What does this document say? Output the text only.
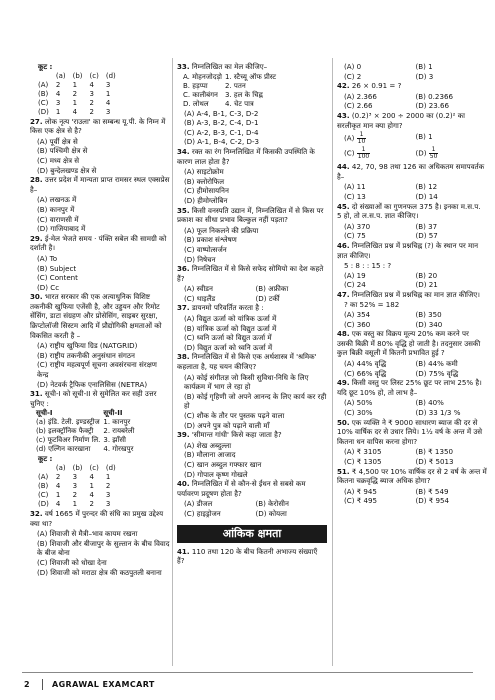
कूट :
	(a)	(b)	(c)	(d)
(A)	2	1	4	3
(B)	4	2	3	1
(C)	3	1	2	4
(D)	1	4	2	3
27. लोक नृत्य 'राउला' का सम्बन्ध यू.पी. के निम्न में किस एक क्षेत्र से है?
(A) पूर्वी क्षेत्र से
(B) पश्चिमी क्षेत्र से
(C) मध्य क्षेत्र से
(D) बुन्देलखण्ड क्षेत्र से
28. उत्तर प्रदेश में मान्यता प्राप्त रामसर स्थल एक्सप्रेस है–
(A) लखनऊ में
(B) कानपुर में
(C) वाराणसी में
(D) गाजियाबाद में
29. ई-मेल भेजते समय · पंक्ति सबेल की सामग्री को दर्शाती है।
(A) To
(B) Subject
(C) Content
(D) Cc
30. भारत सरकार की एक अत्याधुनिक विशिष्ट तकनीकी खुफिया एजेंसी है, और उड्डयन और रिमोट सेंसिंग, डाटा संग्रहण और प्रोसेसिंग, साइबर सुरक्षा, क्रिप्टोलॉजी सिस्टम आदि में प्रौद्योगिकी क्षमताओं को विकसित करती है –
(A) राष्ट्रीय खुफिया ग्रिड (NATGRID)
(B) राष्ट्रीय तकनीकी अनुसंधान संगठन
(C) राष्ट्रीय महत्वपूर्ण सूचना अवसंरचना संरक्षण केन्द्र
(D) नेटवर्क ट्रैफिक एनालिसिस (NETRA)
31. सूची-I को सूची-II से सुमेलित कर सही उत्तर चुनिए :
सूची-I	सूची-II
(a) इंडि. टेली. इण्डस्ट्रीज	1. कानपुर
(b) इलक्ट्रॉनिक फैक्ट्री	2. रायबरेली
(c) फूटविअर निर्माण लि.	3. झाँसी
(d) एल्गिन कारखाना	4. गोरखपुर
कूट :
	(a)	(b)	(c)	(d)
(A)	2	3	4	1
(B)	4	3	1	2
(C)	1	2	4	3
(D)	4	1	2	3
32. वर्ष 1665 में पुरन्दर की संधि का प्रमुख उद्देश्य क्या था?
(A) शिवाजी से मैत्री–भाव कायम रखना
(B) शिवाजी और बीजापुर के सुल्तान के बीच विवाद के बीज बोना
(C) शिवाजी को धोखा देना
(D) शिवाजी को मराठा क्षेत्र की कठपुतली बनाना
33. निम्नलिखित का मेल कीजिए–
A. मोहनजोदड़ो	1. स्टैच्यू ऑफ प्रीस्ट
B. हड़प्पा	2. पतन
C. कालीबंगन	3. हल के चिह्न
D. लोथल	4. चेट पात्र
(A) A-4, B-1, C-3, D-2
(B) A-3, B-2, C-4, D-1
(C) A-2, B-3, C-1, D-4
(D) A-1, B-4, C-2, D-3
34. रक्त का रंग निम्नलिखित में किसकी उपस्थिति के कारण लाल होता है?
(A) साइटोक्रोम
(B) क्लोरोफिल
(C) हीमोसायनिन
(D) हीमोग्लोबिन
35. किसी वनस्पति उद्यान में, निम्नलिखित में से किस पर प्रकाश का सीधा प्रभाव बिल्कुल नहीं पड़ता?
(A) फूल निकलने की प्रक्रिया
(B) प्रकाश संश्लेषण
(C) वाष्पोत्सर्जन
(D) निषेचन
36. निम्नलिखित में से किसे सफेद सोमियो का देश कहते हैं?
(A) स्वीडन	(B) अफ्रीका
(C) थाइलैंड	(D) टर्की
37. डायनमो परिवर्तित करता है :
(A) विद्युत ऊर्जा को यांत्रिक ऊर्जा में
(B) यांत्रिक ऊर्जा को विद्युत ऊर्जा में
(C) ध्वनि ऊर्जा को विद्युत ऊर्जा में
(D) विद्युत ऊर्जा को ध्वनि ऊर्जा में
38. निम्नलिखित में से किसे एक अर्थशास्त्र में 'श्रमिक' कहलाता है, यह चयन कीजिए?
(A) कोई संगीतज्ञ जो किसी सुविधा-निधि के लिए कार्यक्रम में भाग ले रहा हो
(B) कोई गृहिणी जो अपने आनन्द के लिए कार्य कर रही हो
(C) शौक के तौर पर पुस्तक पढ़ने वाला
(D) अपने पुत्र को पढ़ाने वाली माँ
39. 'सीमान्त गांधी' किसे कहा जाता है?
(A) शेख अब्दुल्ला
(B) मौलाना आजाद
(C) खान अब्दुल गफ्फार खान
(D) गोपाल कृष्ण गोखले
40. निम्नलिखित में से कौन-से ईंधन से सबसे कम पर्यावरण प्रदूषण होता है?
(A) डीजल	(B) केरोसीन
(C) हाइड्रोजन	(D) कोयला
आंकिक क्षमता
41. 110 तथा 120 के बीच कितनी अभाज्य संख्याएँ हैं?
(A) 0	(B) 1
(C) 2	(D) 3
42. 26 × 0.91 = ?
(A) 2.366	(B) 0.2366
(C) 2.66	(D) 23.66
43. (0.2)³ × 200 ÷ 2000 का (0.2)² का सरलीकृत मान क्या होगा?
$(A) \frac{1}{10}$	(B) 1
$(C) \frac{1}{100}$	$(D) \frac{1}{50}$
44. 42, 70, 98 तथा 126 का अधिकतम समापवर्तक है–
(A) 11	(B) 12
(C) 13	(D) 14
45. दो संख्याओं का गुणनफल 375 है। इनका म.स.प. 5 हो, तो ल.स.प. ज्ञात कीजिए।
(A) 370	(B) 37
(C) 75	(D) 57
46. निम्नलिखित प्रश्न में प्रश्नचिह्न (?) के स्थान पर मान ज्ञात कीजिए।
5 : 8 : : 15 : ?
(A) 19	(B) 20
(C) 24	(D) 21
47. निम्नलिखित प्रश्न में प्रश्नचिह्न का मान ज्ञात कीजिए।
? का 52% = 182
(A) 354	(B) 350
(C) 360	(D) 340
48. एक वस्तु का विक्रय मूल्य 20% कम करने पर उसकी बिक्री में 80% वृद्धि हो जाती है। तदनुसार उसकी कुल बिक्री वसूली में कितनी प्रभावित हुई ?
(A) 44% वृद्धि	(B) 44% कमी
(C) 66% वृद्धि	(D) 75% वृद्धि
49. किसी वस्तु पर लिस्ट 25% छूट पर लाभ 25% है। यदि छूट 10% हो, तो लाभ है–
(A) 50%	(B) 40%
(C) 30%	(D) 33 1/3 %
50. एक व्यक्ति ने ₹ 9000 साधारण ब्याज की दर से 10% वार्षिक दर से उधार लिये। 1½ वर्ष के अन्त में उसे कितना धन वापिस करना होगा?
(A) ₹ 3105	(B) ₹ 1350
(C) ₹ 1305	(D) ₹ 5013
51. ₹ 4,500 पर 10% वार्षिक दर से 2 वर्ष के अन्त में कितना चक्रवृद्धि ब्याज अधिक होगा?
(A) ₹ 945	(B) ₹ 549
(C) ₹ 495	(D) ₹ 954
2	AGRAWAL EXAMCART
